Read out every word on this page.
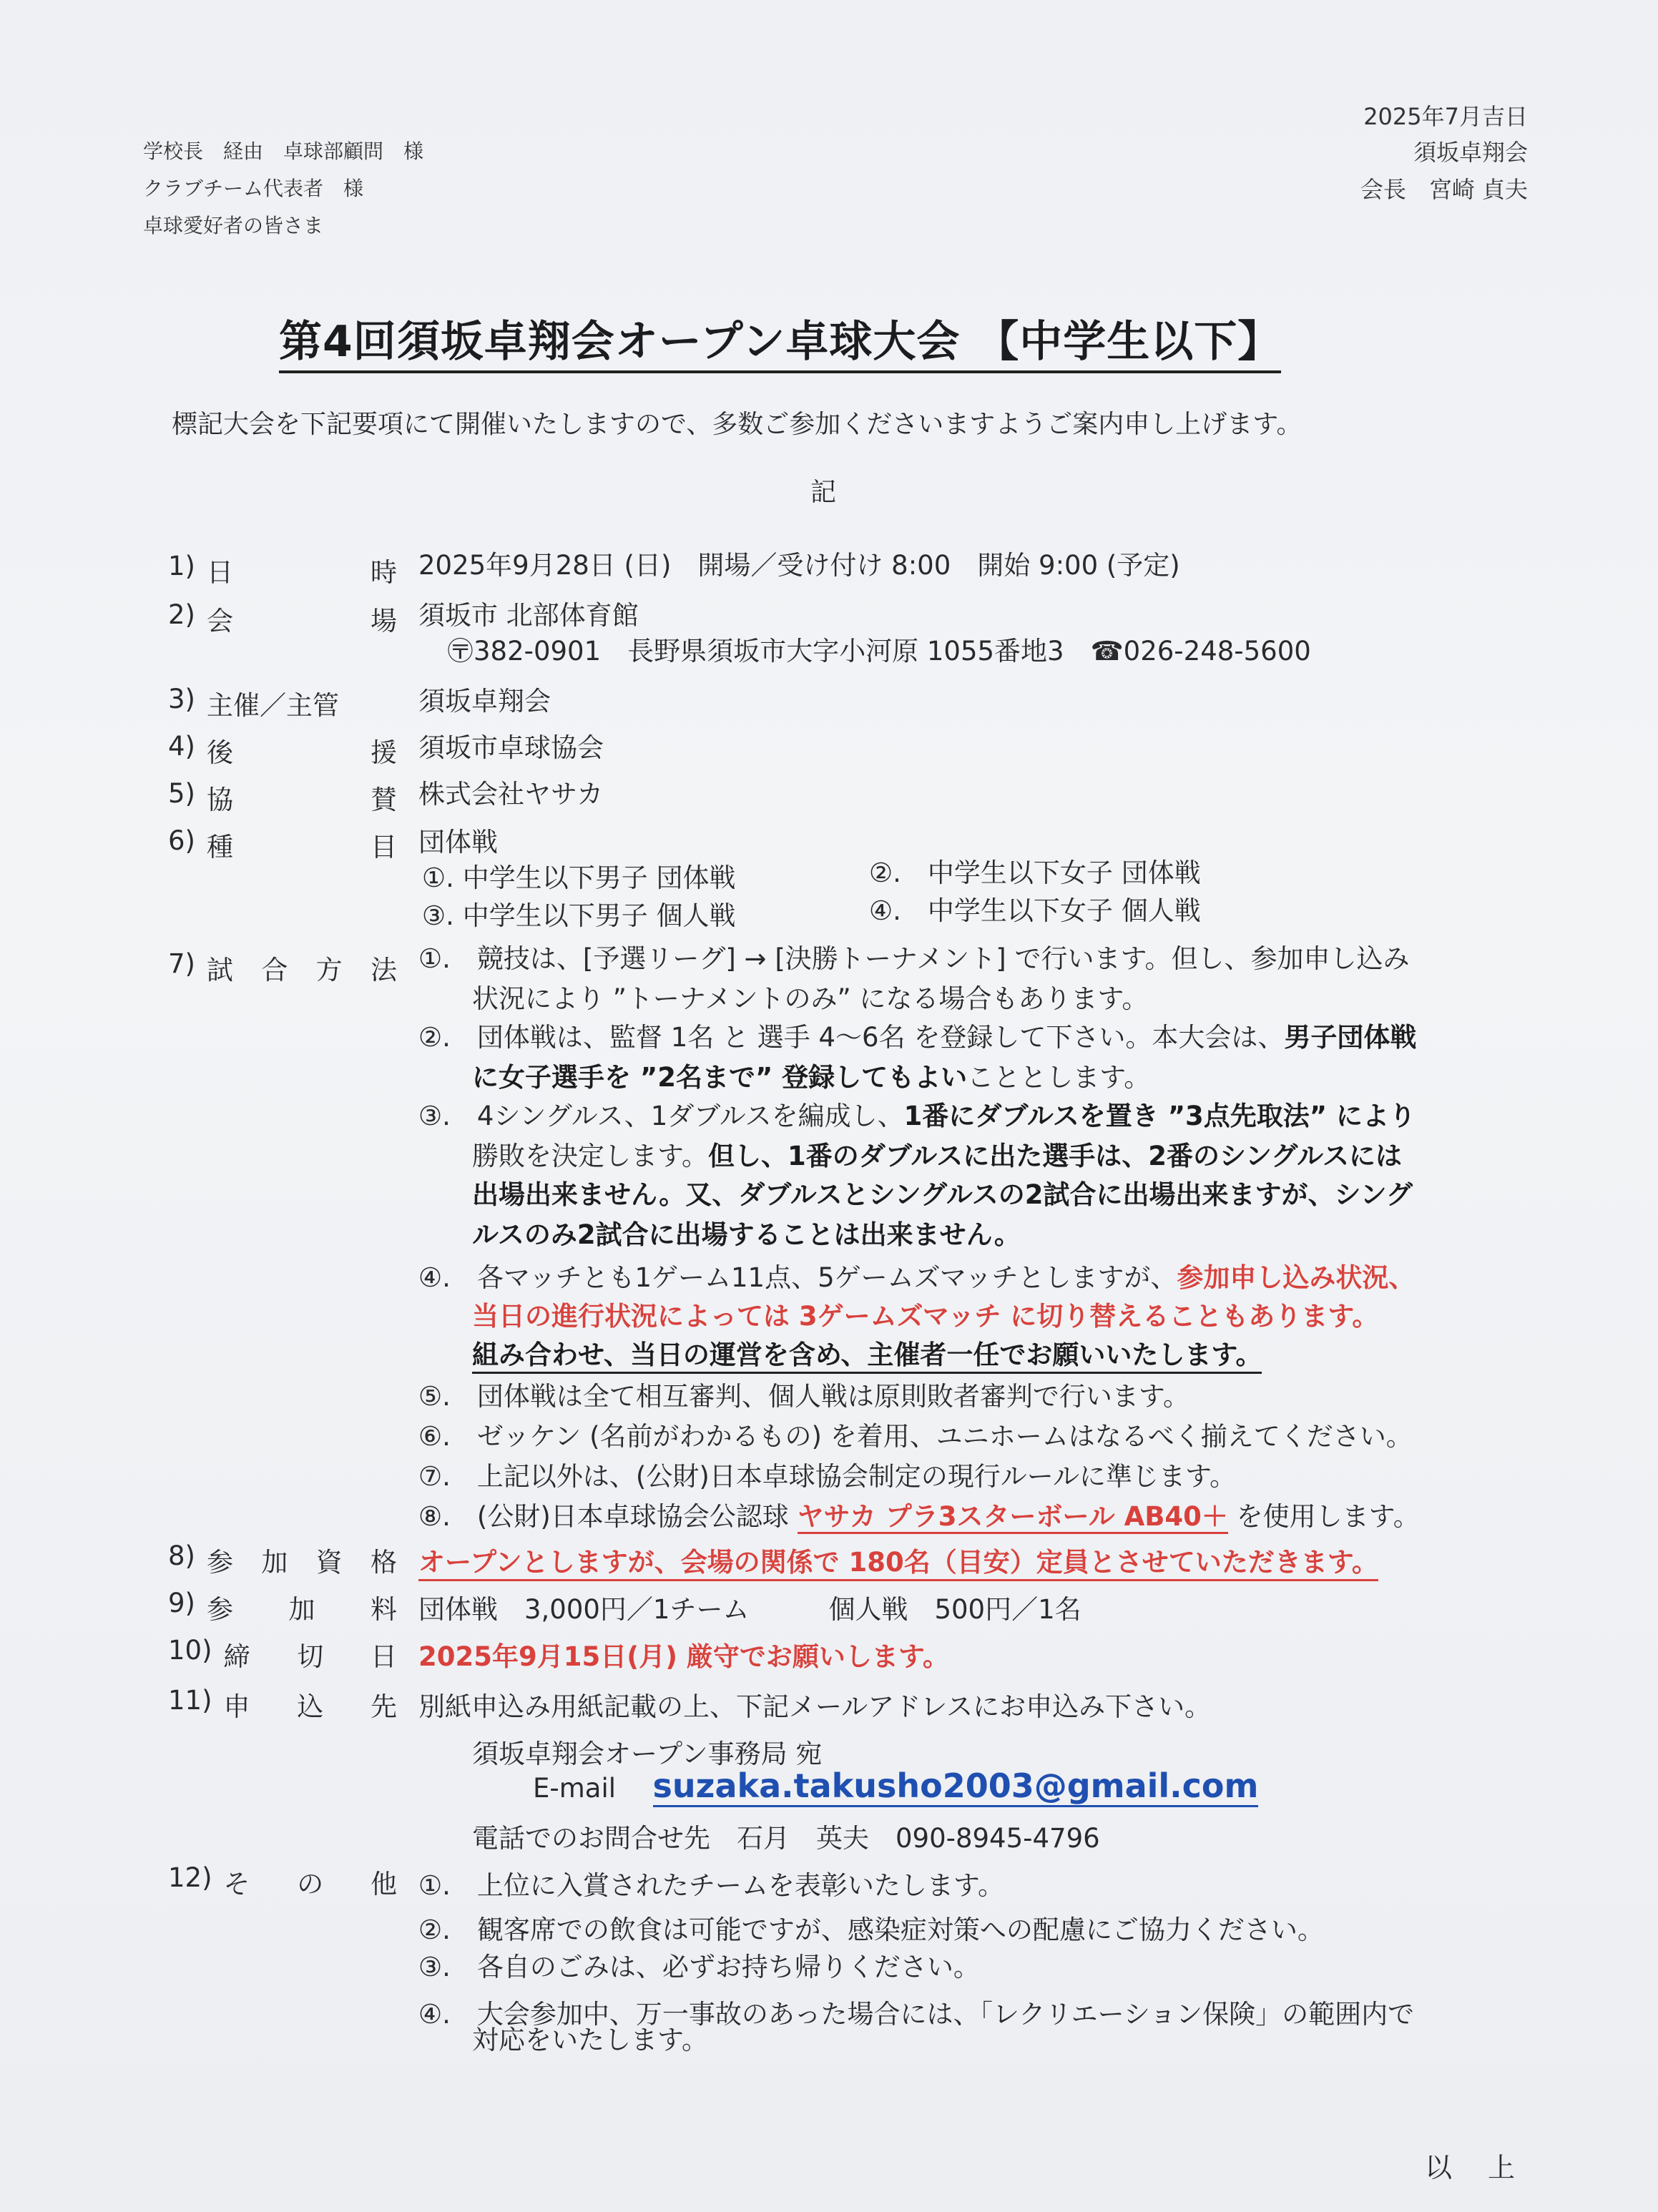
学校長　経由　卓球部顧問　様
クラブチーム代表者　様
卓球愛好者の皆さま
2025年7月吉日
須坂卓翔会
会長　宮崎 貞夫
第4回須坂卓翔会オープン卓球大会 【中学生以下】
標記大会を下記要項にて開催いたしますので、多数ご参加くださいますようご案内申し上げます。
記
1) 日	時 2025年9月28日 (日)　開場／受け付け 8:00　開始 9:00 (予定)
2) 会	場 須坂市 北部体育館
〶382-0901　長野県須坂市大字小河原 1055番地3　☎026-248-5600
3) 主催／主管	須坂卓翔会
4) 後	援 須坂市卓球協会
5) 協	賛 株式会社ヤサカ
6) 種	目 団体戦
①. 中学生以下男子 団体戦	②.　中学生以下女子 団体戦
③. 中学生以下男子 個人戦	④.　中学生以下女子 個人戦
7) 試 合 方 法 ①.　競技は、[予選リーグ] → [決勝トーナメント] で行います。但し、参加申し込み
状況により ”トーナメントのみ” になる場合もあります。
②.　団体戦は、監督 1名 と 選手 4～6名 を登録して下さい。本大会は、男子団体戦
に女子選手を ”2名まで” 登録してもよいこととします。
③.　4シングルス、1ダブルスを編成し、1番にダブルスを置き ”3点先取法” により
勝敗を決定します。但し、1番のダブルスに出た選手は、2番のシングルスには
出場出来ません。又、ダブルスとシングルスの2試合に出場出来ますが、シング
ルスのみ2試合に出場することは出来ません。
④.　各マッチとも1ゲーム11点、5ゲームズマッチとしますが、参加申し込み状況、
当日の進行状況によっては 3ゲームズマッチ に切り替えることもあります。
組み合わせ、当日の運営を含め、主催者一任でお願いいたします。
⑤.　団体戦は全て相互審判、個人戦は原則敗者審判で行います。
⑥.　ゼッケン (名前がわかるもの) を着用、ユニホームはなるべく揃えてください。
⑦.　上記以外は、(公財)日本卓球協会制定の現行ルールに準じます。
⑧.　(公財)日本卓球協会公認球 ヤサカ プラ3スターボール AB40＋ を使用します。
8) 参 加 資 格 オープンとしますが、会場の関係で 180名（目安）定員とさせていただきます。
9) 参 加 料 団体戦　3,000円／1チーム　　　個人戦　500円／1名
10) 締 切 日 2025年9月15日(月) 厳守でお願いします。
11) 申 込 先 別紙申込み用紙記載の上、下記メールアドレスにお申込み下さい。
須坂卓翔会オープン事務局 宛
E-mail suzaka.takusho2003@gmail.com
電話でのお問合せ先　石月　英夫　090-8945-4796
12) そ の 他 ①.　上位に入賞されたチームを表彰いたします。
②.　観客席での飲食は可能ですが、感染症対策への配慮にご協力ください。
③.　各自のごみは、必ずお持ち帰りください。
④.　大会参加中、万一事故のあった場合には、「レクリエーション保険」の範囲内で
対応をいたします。
以上
